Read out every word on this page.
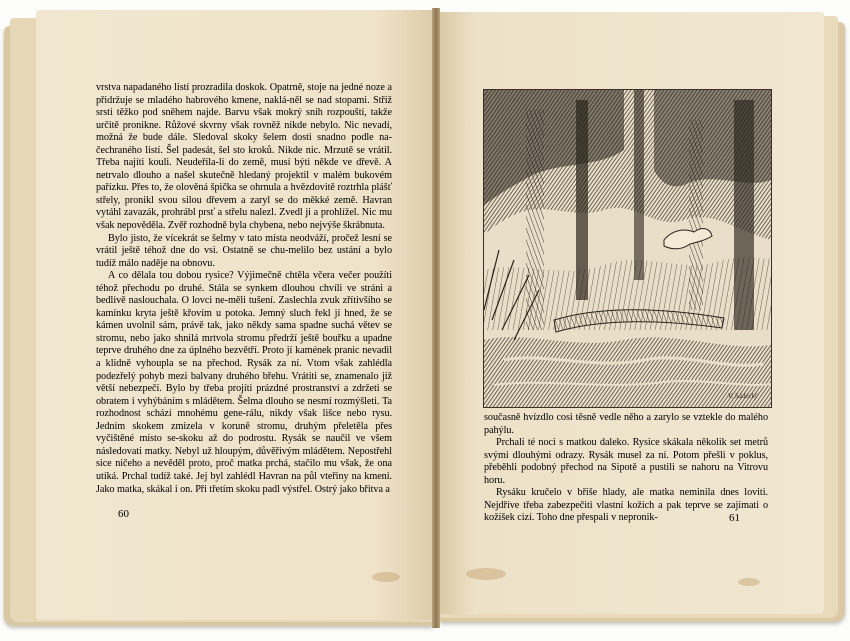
vrstva napadaného listí prozradila doskok. Opatrně, stoje na jedné noze a přidržuje se mladého habrového kmene, naklá-něl se nad stopami. Střiž srsti těžko pod sněhem najde. Barvu však mokrý sníh rozpouští, takže určitě pronikne. Růžové skvrny však rovněž nikde nebylo. Nic nevadí, možná že bude dále. Sledoval skoky šelem dosti snadno podle na-čechraného listí. Šel padesát, šel sto kroků. Nikde nic. Mrzutě se vrátil. Třeba najíti kouli. Neudeřila-li do země, musí býti někde ve dřevě. A netrvalo dlouho a našel skutečně hledaný projektil v malém bukovém pařízku. Přes to, že olověná špička se ohrnula a hvězdovitě roztrhla plášť střely, pronikl svou silou dřevem a zaryl se do měkké země. Havran vytáhl zavazák, prohrábl prsť a střelu nalezl. Zvedl ji a prohlížel. Nic mu však nepověděla. Zvěř rozhodně byla chybena, nebo nejvýše škrábnuta.

Bylo jisto, že vícekrát se šelmy v tato místa neodváží, pročež lesní se vrátil ještě téhož dne do vsi. Ostatně se chu-melilo bez ustání a bylo tudíž málo naděje na obnovu.

A co dělala tou dobou rysice? Výjimečně chtěla včera večer použíti téhož přechodu po druhé. Stála se synkem dlouhou chvíli ve stráni a bedlivě naslouchala. O lovci ne-měli tušení. Zaslechla zvuk zřítivšího se kamínku kryta ještě křovím u potoka. Jemný sluch řekl jí hned, že se kámen uvolnil sám, právě tak, jako někdy sama spadne suchá větev se stromu, nebo jako shnilá mrtvola stromu předrží ještě bouřku a upadne teprve druhého dne za úplného bezvětří. Proto jí kamének pranic nevadil a klidně vyhoupla se na přechod. Rysák za ní. Vtom však zahlédla podezřelý pohyb mezi balvany druhého břehu. Vrátiti se, znamenalo již větší nebezpečí. Bylo by třeba projíti prázdné prostranství a zdržeti se obratem i vyhýbáním s mládětem. Šelma dlouho se nesmí rozmýšleti. Ta rozhodnost schází mnohému gene-rálu, nikdy však lišce nebo rysu. Jedním skokem zmizela v koruně stromu, druhým přeletěla přes vyčištěné místo se-skoku až do podrostu. Rysák se naučil ve všem následovati matky. Nebyl už hloupým, důvěřivým mládětem. Nepostřehl sice ničeho a nevěděl proto, proč matka prchá, stačilo mu však, že ona utíká. Prchal tudíž také. Jej byl zahlédl Havran na půl vteřiny na kmeni. Jako matka, skákal i on. Při třetím skoku padl výstřel. Ostrý jako břitva a

60
V. Sádecký

současně hvízdlo cosi těsně vedle něho a zarylo se vztekle do malého pahýlu.

Prchali té noci s matkou daleko. Rysice skákala několik set metrů svými dlouhými odrazy. Rysák musel za ní. Potom přešli v poklus, přeběhli podobný přechod na Sipotě a pustili se nahoru na Vitrovu horu.

Rysáku kručelo v břiše hlady, ale matka neminila dnes loviti. Nejdříve třeba zabezpečiti vlastní kožich a pak teprve se zajímati o kožíšek cizí. Toho dne přespali v nepronik-	61
